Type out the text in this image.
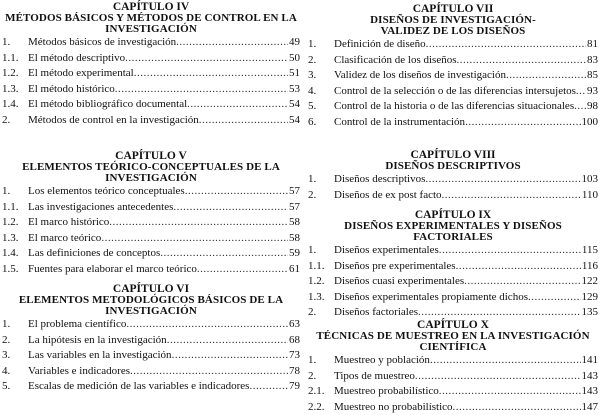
CAPÍTULO IV
MÉTODOS BÁSICOS Y MÉTODOS DE CONTROL EN LA
INVESTIGACIÓN
1.	Métodos básicos de investigación .....	49
1.1. El método descriptivo .....	50
1.2. El método experimental .....	51
1.3. El método histórico .....	53
1.4. El método bibliográfico documental .....	54
2.	Métodos de control en la investigación .....	54
CAPÍTULO V
ELEMENTOS TEÓRICO-CONCEPTUALES DE LA
INVESTIGACIÓN
1.	Los elementos teórico conceptuales .....	57
1.1. Las investigaciones antecedentes .....	57
1.2. El marco histórico .....	58
1.3. El marco teórico .....	58
1.4. Las definiciones de conceptos .....	59
1.5. Fuentes para elaborar el marco teórico .....	61
CAPÍTULO VI
ELEMENTOS METODOLÓGICOS BÁSICOS DE LA
INVESTIGACIÓN
1.	El problema científico .....	63
2.	La hipótesis en la investigación .....	68
3.	Las variables en la investigación .....	73
4.	Variables e indicadores .....	78
5.	Escalas de medición de las variables e indicadores .....	79
CAPÍTULO VII
DISEÑOS DE INVESTIGACIÓN-
VALIDEZ DE LOS DISEÑOS
1.	Definición de diseño .....	81
2.	Clasificación de los diseños .....	83
3.	Validez de los diseños de investigación .....	85
4.	Control de la selección o de las diferencias intersujetos ..... 93
5.	Control de la historia o de las diferencias situacionales ..... 98
6.	Control de la instrumentación .....	100
CAPÍTULO VIII
DISEÑOS DESCRIPTIVOS
1.	Diseños descriptivos .....	103
2.	Diseños de ex post facto .....	110
CAPÍTULO IX
DISEÑOS EXPERIMENTALES Y DISEÑOS FACTORIALES
1.	Diseños experimentales .....	115
1.1. Diseños pre experimentales .....	116
1.2. Diseños cuasi experimentales .....	122
1.3. Diseños experimentales propiamente dichos .....	129
2.	Diseños factoriales .....	135
CAPÍTULO X
TÉCNICAS DE MUESTREO EN LA INVESTIGACIÓN
CIENTÍFICA
1.	Muestreo y población .....	141
2.	Tipos de muestreo .....	143
2.1. Muestreo probabilístico .....	143
2.2. Muestreo no probabilístico .....	147
